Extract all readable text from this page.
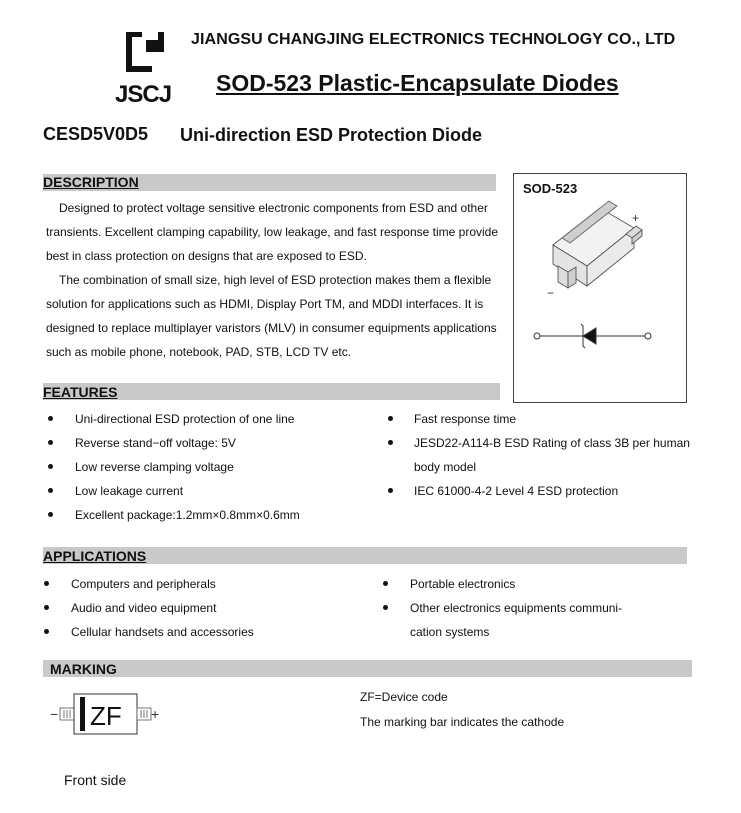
JSCJ
JIANGSU CHANGJING ELECTRONICS TECHNOLOGY CO., LTD
SOD-523 Plastic-Encapsulate Diodes
CESD5V0D5 Uni-direction ESD Protection Diode
DESCRIPTION
Designed to protect voltage sensitive electronic components from ESD and other
transients. Excellent clamping capability, low leakage, and fast response time provide
best in class protection on designs that are exposed to ESD.
The combination of small size, high level of ESD protection makes them a flexible
solution for applications such as HDMI, Display Port TM, and MDDI interfaces. It is
designed to replace multiplayer varistors (MLV) in consumer equipments applications
such as mobile phone, notebook, PAD, STB, LCD TV etc.
SOD-523
+
−
FEATURES
Uni-directional ESD protection of one line
Reverse stand−off voltage: 5V
Low reverse clamping voltage
Low leakage current
Excellent package:1.2mm×0.8mm×0.6mm
Fast response time
JESD22-A114-B ESD Rating of class 3B per human
body model
IEC 61000-4-2 Level 4 ESD protection
APPLICATIONS
Computers and peripherals
Audio and video equipment
Cellular handsets and accessories
Portable electronics
Other electronics equipments communi-
cation systems
MARKING
− ZF +
ZF=Device code
The marking bar indicates the cathode
Front side
